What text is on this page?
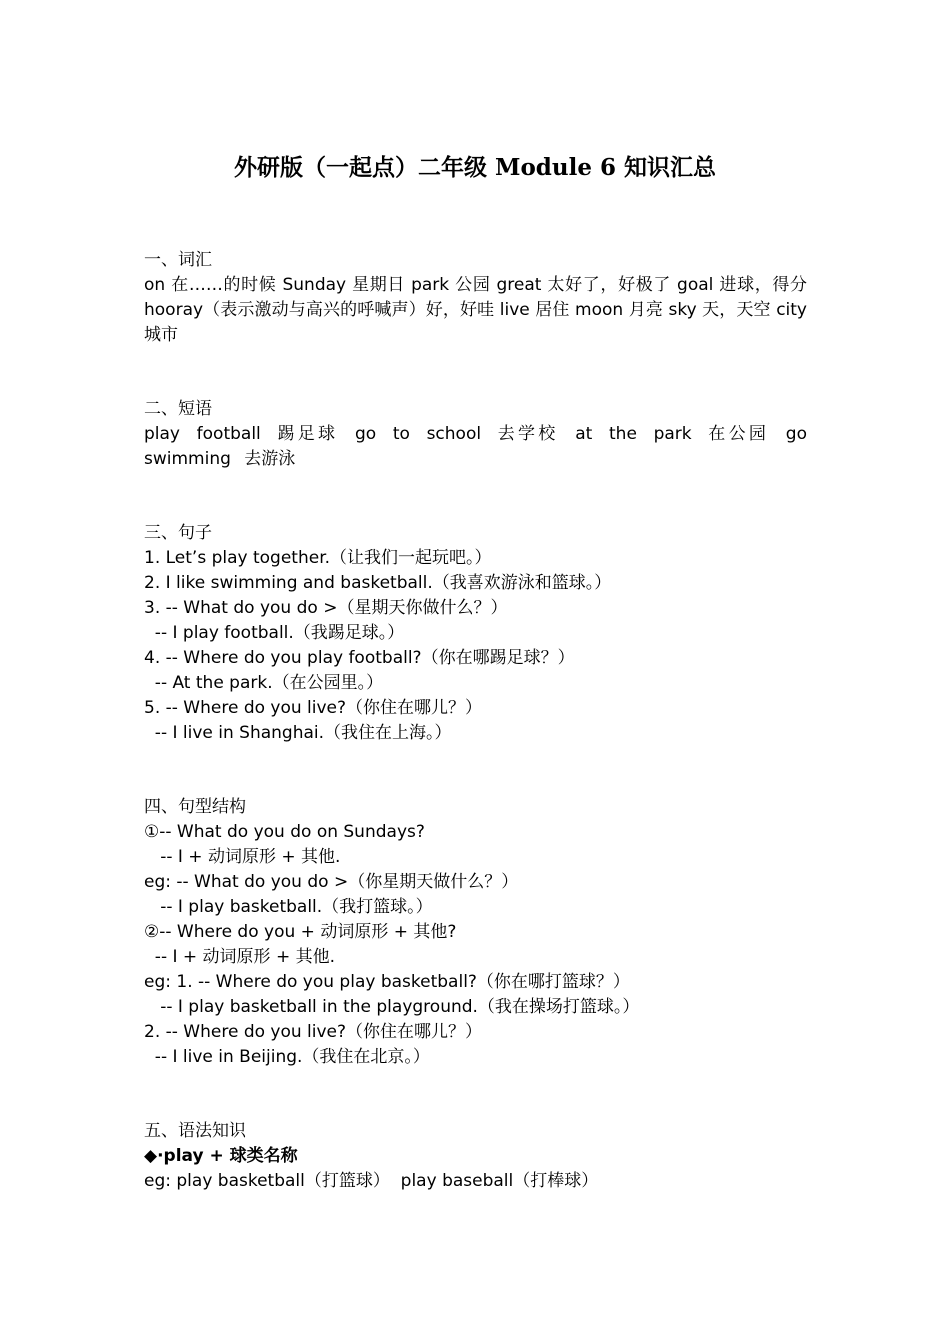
外研版（一起点）二年级 Module 6 知识汇总

一、词汇

on 在……的时候 Sunday 星期日 park 公园 great 太好了，好极了 goal 进球，得分 hooray（表示激动与高兴的呼喊声）好，好哇 live 居住 moon 月亮 sky 天，天空 city 城市

二、短语

play football 踢足球 go to school 去学校 at the park 在公园 go swimming 去游泳

三、句子

1. Let’s play together.（让我们一起玩吧。）

2. I like swimming and basketball.（我喜欢游泳和篮球。）

3. -- What do you do >（星期天你做什么？）

-- I play football.（我踢足球。）

4. -- Where do you play football?（你在哪踢足球？）

-- At the park.（在公园里。）

5. -- Where do you live?（你住在哪儿？）

-- I live in Shanghai.（我住在上海。）

四、句型结构

①-- What do you do on Sundays?

-- I + 动词原形 + 其他.

eg: -- What do you do >（你星期天做什么？）

-- I play basketball.（我打篮球。）

②-- Where do you + 动词原形 + 其他?

-- I + 动词原形 + 其他.

eg: 1. -- Where do you play basketball?（你在哪打篮球？）

-- I play basketball in the playground.（我在操场打篮球。）

2. -- Where do you live?（你住在哪儿？）

-- I live in Beijing.（我住在北京。）

五、语法知识

◆·play + 球类名称

eg: play basketball（打篮球）  play baseball（打棒球）
